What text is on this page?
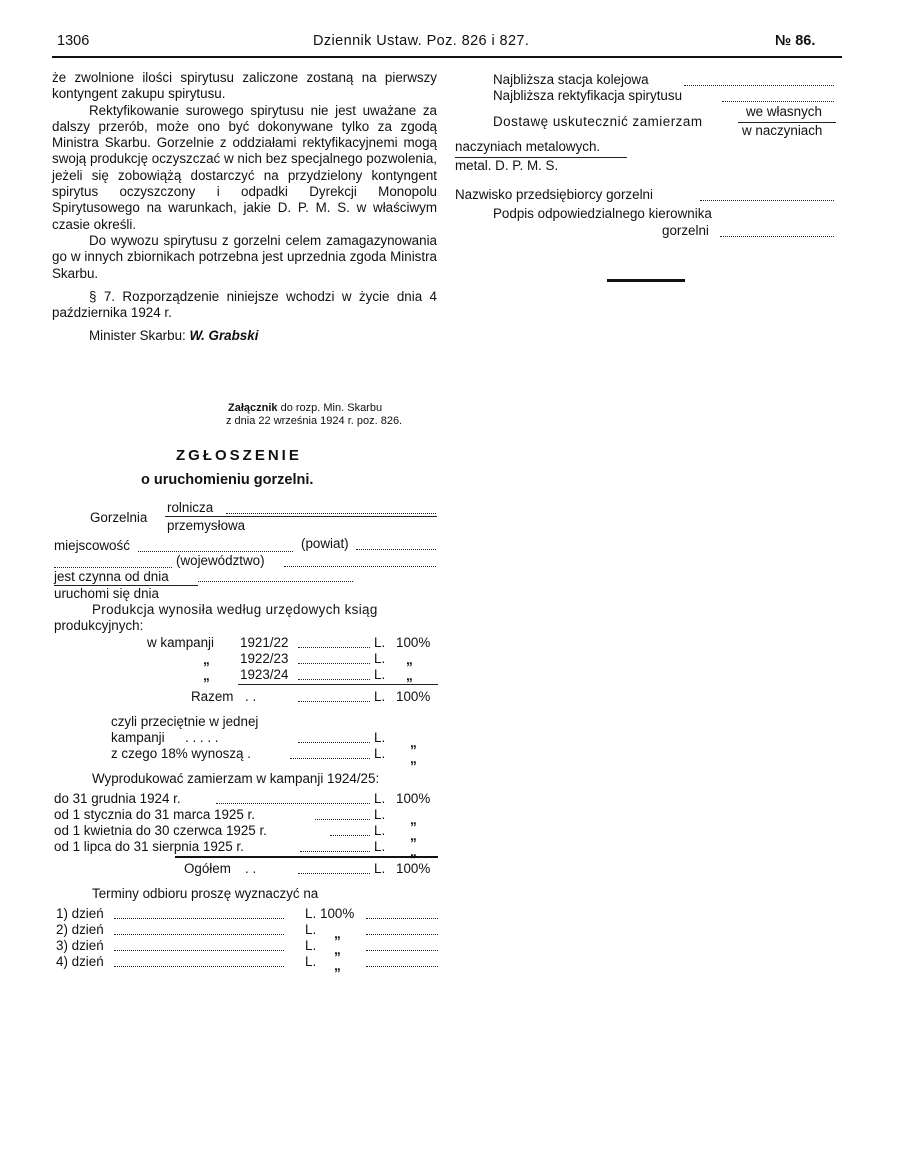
1306	Dziennik Ustaw. Poz. 826 i 827.	№ 86.

że zwolnione ilości spirytusu zaliczone zostaną na pierwszy kontyngent zakupu spirytusu.

Rektyfikowanie surowego spirytusu nie jest uważane za dalszy przerób, może ono być dokonywane tylko za zgodą Ministra Skarbu. Gorzelnie z oddziałami rektyfikacyjnemi mogą swoją produkcję oczyszczać w nich bez specjalnego pozwolenia, jeżeli się zobowiążą dostarczyć na przydzielony kontyngent spirytus oczyszczony i odpadki Dyrekcji Monopolu Spirytusowego na warunkach, jakie D. P. M. S. w właściwym czasie określi.

Do wywozu spirytusu z gorzelni celem zamagazynowania go w innych zbiornikach potrzebna jest uprzednia zgoda Ministra Skarbu.

§ 7. Rozporządzenie niniejsze wchodzi w życie dnia 4 października 1924 r.

Minister Skarbu: W. Grabski

Załącznik do rozp. Min. Skarbu
z dnia 22 września 1924 r. poz. 826.
ZGŁOSZENIE
o uruchomieniu gorzelni.
Gorzelnia
rolnicza
przemysłowa
miejscowość	(powiat)
(województwo)
jest czynna od dnia
uruchomi się dnia
Produkcja wynosiła według urzędowych ksiąg
produkcyjnych:
w kampanji 1921/22	L. 100%
„ 1922/23	L. „
„ 1923/24	L. „
Razem . .	L. 100%
czyli przeciętnie w jednej
kampanji . . . . .	L. „
z czego 18% wynoszą .	L. „
Wyprodukować zamierzam w kampanji 1924/25:
do 31 grudnia 1924 r.	L. 100%
od 1 stycznia do 31 marca 1925 r.	L. „
od 1 kwietnia do 30 czerwca 1925 r.	L. „
od 1 lipca do 31 sierpnia 1925 r.	L. „
Ogółem . .	L. 100%
Terminy odbioru proszę wyznaczyć na
1) dzień	L. 100%
2) dzień	L. „
3) dzień	L. „
4) dzień	L. „
Najbliższa stacja kolejowa
Najbliższa rektyfikacja spirytusu
Dostawę uskutecznić zamierzam
we własnych
w naczyniach
naczyniach metalowych.
metal. D. P. M. S.
Nazwisko przedsiębiorcy gorzelni
Podpis odpowiedzialnego kierownika
gorzelni
